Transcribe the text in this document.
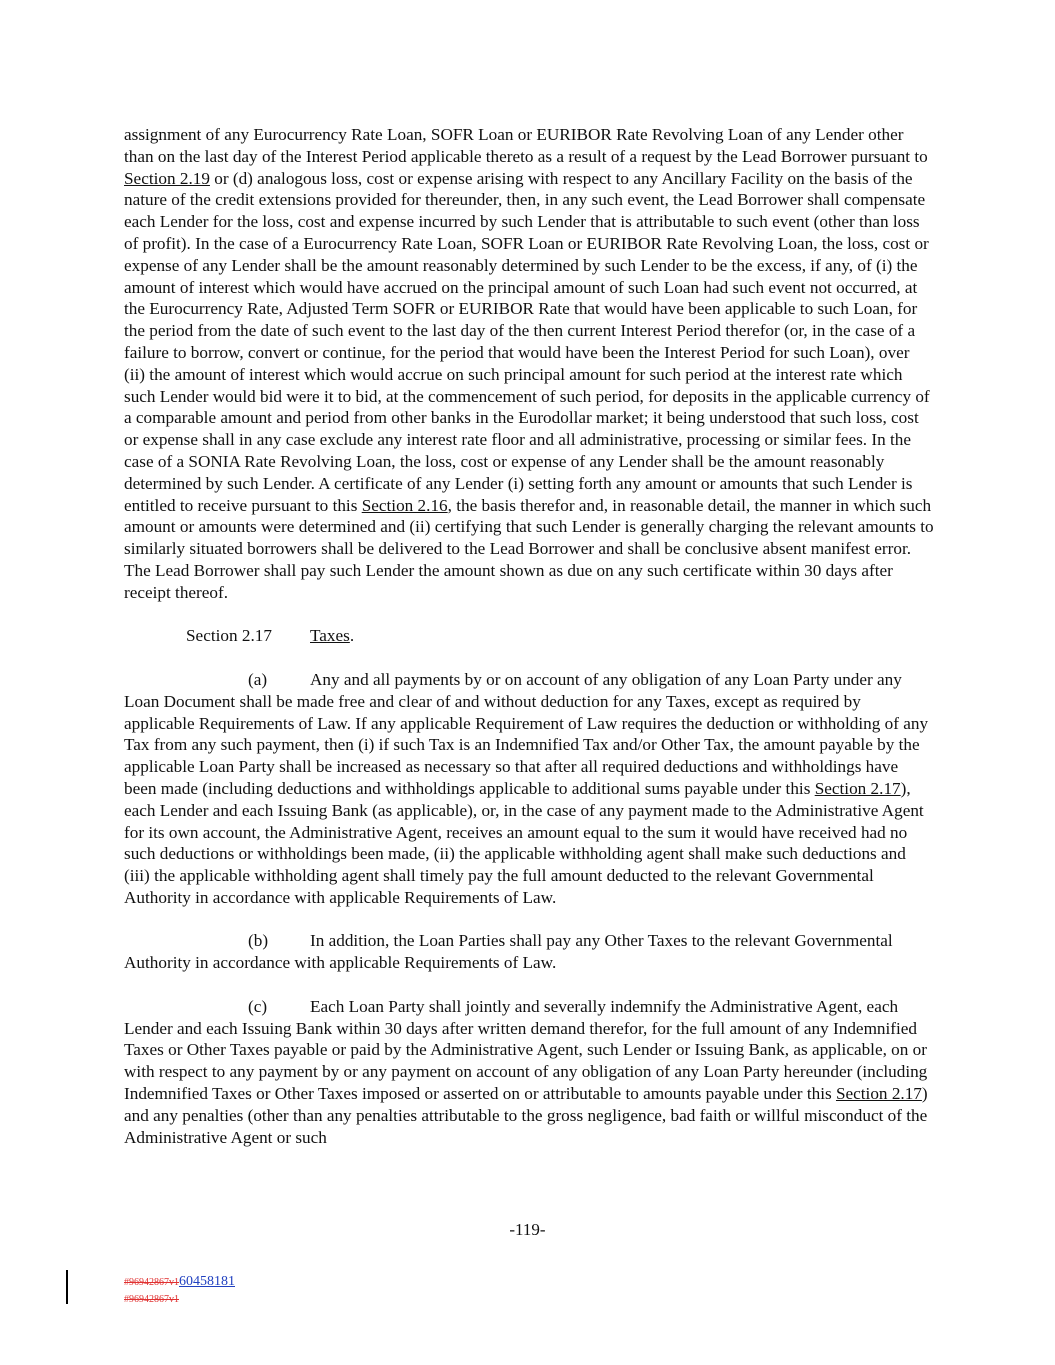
assignment of any Eurocurrency Rate Loan, SOFR Loan or EURIBOR Rate Revolving Loan of any Lender other than on the last day of the Interest Period applicable thereto as a result of a request by the Lead Borrower pursuant to Section 2.19 or (d) analogous loss, cost or expense arising with respect to any Ancillary Facility on the basis of the nature of the credit extensions provided for thereunder, then, in any such event, the Lead Borrower shall compensate each Lender for the loss, cost and expense incurred by such Lender that is attributable to such event (other than loss of profit). In the case of a Eurocurrency Rate Loan, SOFR Loan or EURIBOR Rate Revolving Loan, the loss, cost or expense of any Lender shall be the amount reasonably determined by such Lender to be the excess, if any, of (i) the amount of interest which would have accrued on the principal amount of such Loan had such event not occurred, at the Eurocurrency Rate, Adjusted Term SOFR or EURIBOR Rate that would have been applicable to such Loan, for the period from the date of such event to the last day of the then current Interest Period therefor (or, in the case of a failure to borrow, convert or continue, for the period that would have been the Interest Period for such Loan), over (ii) the amount of interest which would accrue on such principal amount for such period at the interest rate which such Lender would bid were it to bid, at the commencement of such period, for deposits in the applicable currency of a comparable amount and period from other banks in the Eurodollar market; it being understood that such loss, cost or expense shall in any case exclude any interest rate floor and all administrative, processing or similar fees. In the case of a SONIA Rate Revolving Loan, the loss, cost or expense of any Lender shall be the amount reasonably determined by such Lender. A certificate of any Lender (i) setting forth any amount or amounts that such Lender is entitled to receive pursuant to this Section 2.16, the basis therefor and, in reasonable detail, the manner in which such amount or amounts were determined and (ii) certifying that such Lender is generally charging the relevant amounts to similarly situated borrowers shall be delivered to the Lead Borrower and shall be conclusive absent manifest error. The Lead Borrower shall pay such Lender the amount shown as due on any such certificate within 30 days after receipt thereof.

Section 2.17 Taxes.

(a) Any and all payments by or on account of any obligation of any Loan Party under any Loan Document shall be made free and clear of and without deduction for any Taxes, except as required by applicable Requirements of Law. If any applicable Requirement of Law requires the deduction or withholding of any Tax from any such payment, then (i) if such Tax is an Indemnified Tax and/or Other Tax, the amount payable by the applicable Loan Party shall be increased as necessary so that after all required deductions and withholdings have been made (including deductions and withholdings applicable to additional sums payable under this Section 2.17), each Lender and each Issuing Bank (as applicable), or, in the case of any payment made to the Administrative Agent for its own account, the Administrative Agent, receives an amount equal to the sum it would have received had no such deductions or withholdings been made, (ii) the applicable withholding agent shall make such deductions and (iii) the applicable withholding agent shall timely pay the full amount deducted to the relevant Governmental Authority in accordance with applicable Requirements of Law.

(b) In addition, the Loan Parties shall pay any Other Taxes to the relevant Governmental Authority in accordance with applicable Requirements of Law.

(c) Each Loan Party shall jointly and severally indemnify the Administrative Agent, each Lender and each Issuing Bank within 30 days after written demand therefor, for the full amount of any Indemnified Taxes or Other Taxes payable or paid by the Administrative Agent, such Lender or Issuing Bank, as applicable, on or with respect to any payment by or any payment on account of any obligation of any Loan Party hereunder (including Indemnified Taxes or Other Taxes imposed or asserted on or attributable to amounts payable under this Section 2.17) and any penalties (other than any penalties attributable to the gross negligence, bad faith or willful misconduct of the Administrative Agent or such

-119-
#96942867v160458181
#96942867v1
